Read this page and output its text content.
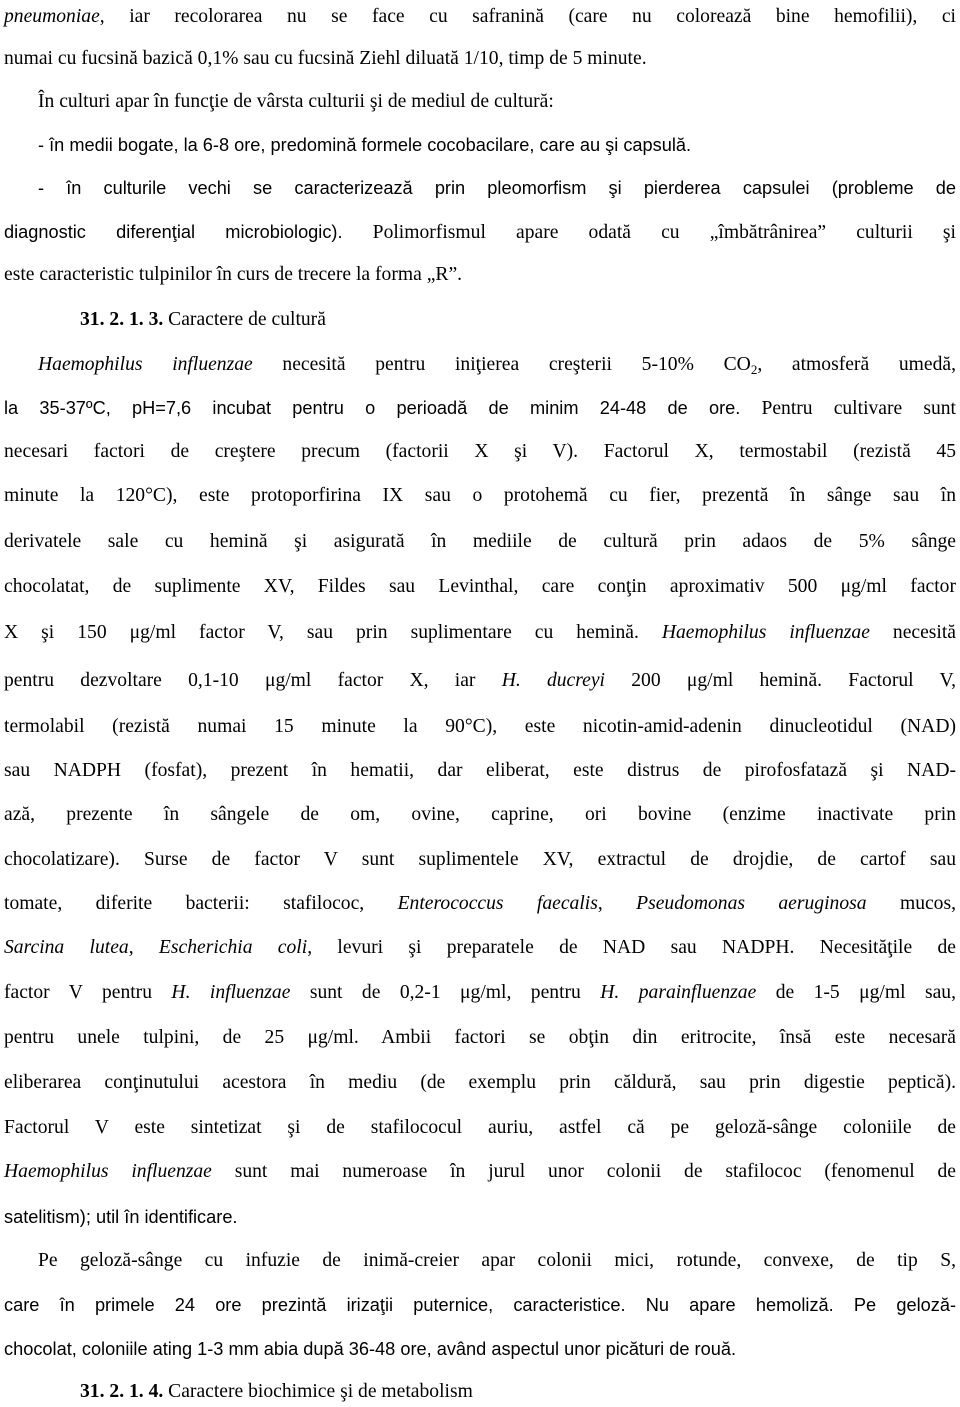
pneumoniae, iar recolorarea nu se face cu safranină (care nu colorează bine hemofilii), ci
numai cu fucsină bazică 0,1% sau cu fucsină Ziehl diluată 1/10, timp de 5 minute.
În culturi apar în funcţie de vârsta culturii şi de mediul de cultură:
- în medii bogate, la 6-8 ore, predomină formele cocobacilare, care au şi capsulă.
- în culturile vechi se caracterizează prin pleomorfism şi pierderea capsulei (probleme de
diagnostic diferenţial microbiologic). Polimorfismul apare odată cu „îmbătrânirea” culturii şi
este caracteristic tulpinilor în curs de trecere la forma „R”.
31. 2. 1. 3. Caractere de cultură
Haemophilus influenzae necesită pentru iniţierea creşterii 5-10% $CO_2$, atmosferă umedă,
la 35-37ºC, pH=7,6 incubat pentru o perioadă de minim 24-48 de ore. Pentru cultivare sunt
necesari factori de creştere precum (factorii X şi V). Factorul X, termostabil (rezistă 45
minute la 120°C), este protoporfirina IX sau o protohemă cu fier, prezentă în sânge sau în
derivatele sale cu hemină şi asigurată în mediile de cultură prin adaos de 5% sânge
chocolatat, de suplimente XV, Fildes sau Levinthal, care conţin aproximativ 500 μg/ml factor
X şi 150 μg/ml factor V, sau prin suplimentare cu hemină. Haemophilus influenzae necesită
pentru dezvoltare 0,1-10 μg/ml factor X, iar H. ducreyi 200 μg/ml hemină. Factorul V,
termolabil (rezistă numai 15 minute la 90°C), este nicotin-amid-adenin dinucleotidul (NAD)
sau NADPH (fosfat), prezent în hematii, dar eliberat, este distrus de pirofosfatază şi NAD-
ază, prezente în sângele de om, ovine, caprine, ori bovine (enzime inactivate prin
chocolatizare). Surse de factor V sunt suplimentele XV, extractul de drojdie, de cartof sau
tomate, diferite bacterii: stafilococ, Enterococcus faecalis, Pseudomonas aeruginosa mucos,
Sarcina lutea, Escherichia coli, levuri şi preparatele de NAD sau NADPH. Necesităţile de
factor V pentru H. influenzae sunt de 0,2-1 μg/ml, pentru H. parainfluenzae de 1-5 μg/ml sau,
pentru unele tulpini, de 25 μg/ml. Ambii factori se obţin din eritrocite, însă este necesară
eliberarea conţinutului acestora în mediu (de exemplu prin căldură, sau prin digestie peptică).
Factorul V este sintetizat şi de stafilococul auriu, astfel că pe geloză-sânge coloniile de
Haemophilus influenzae sunt mai numeroase în jurul unor colonii de stafilococ (fenomenul de
satelitism); util în identificare.
Pe geloză-sânge cu infuzie de inimă-creier apar colonii mici, rotunde, convexe, de tip S,
care în primele 24 ore prezintă irizaţii puternice, caracteristice. Nu apare hemoliză. Pe geloză-
chocolat, coloniile ating 1-3 mm abia după 36-48 ore, având aspectul unor picături de rouă.
31. 2. 1. 4. Caractere biochimice şi de metabolism
